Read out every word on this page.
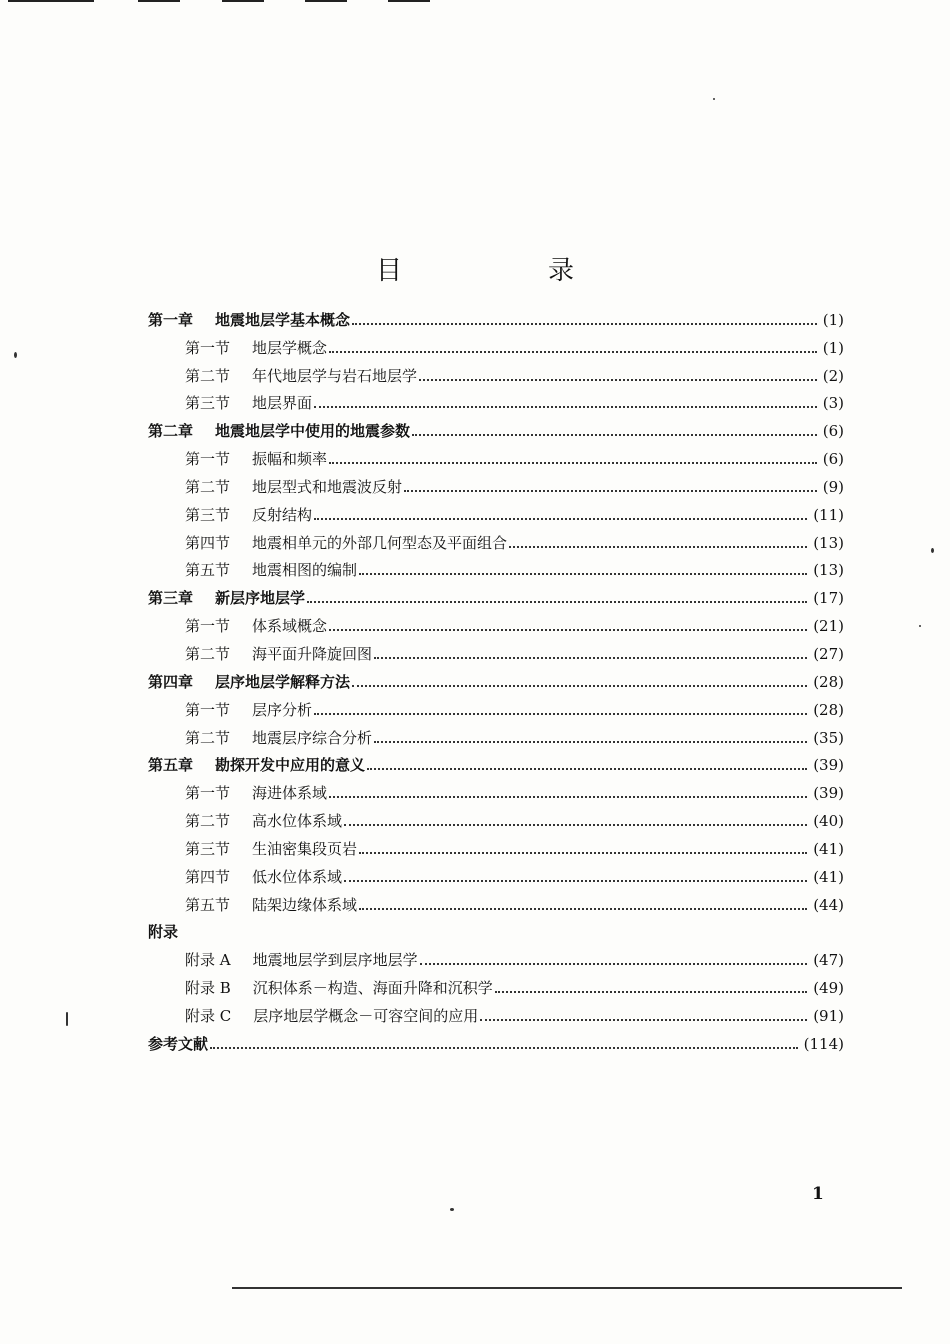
目　录
第一章 地震地层学基本概念	(1)
第一节 地层学概念	(1)
第二节 年代地层学与岩石地层学	(2)
第三节 地层界面	(3)
第二章 地震地层学中使用的地震参数	(6)
第一节 振幅和频率	(6)
第二节 地层型式和地震波反射	(9)
第三节 反射结构	(11)
第四节 地震相单元的外部几何型态及平面组合	(13)
第五节 地震相图的编制	(13)
第三章 新层序地层学	(17)
第一节 体系域概念	(21)
第二节 海平面升降旋回图	(27)
第四章 层序地层学解释方法	(28)
第一节 层序分析	(28)
第二节 地震层序综合分析	(35)
第五章 勘探开发中应用的意义	(39)
第一节 海进体系域	(39)
第二节 高水位体系域	(40)
第三节 生油密集段页岩	(41)
第四节 低水位体系域	(41)
第五节 陆架边缘体系域	(44)
附录
附录 A 地震地层学到层序地层学	(47)
附录 B 沉积体系－构造、海面升降和沉积学	(49)
附录 C 层序地层学概念－可容空间的应用	(91)
参考文献	(114)
1
